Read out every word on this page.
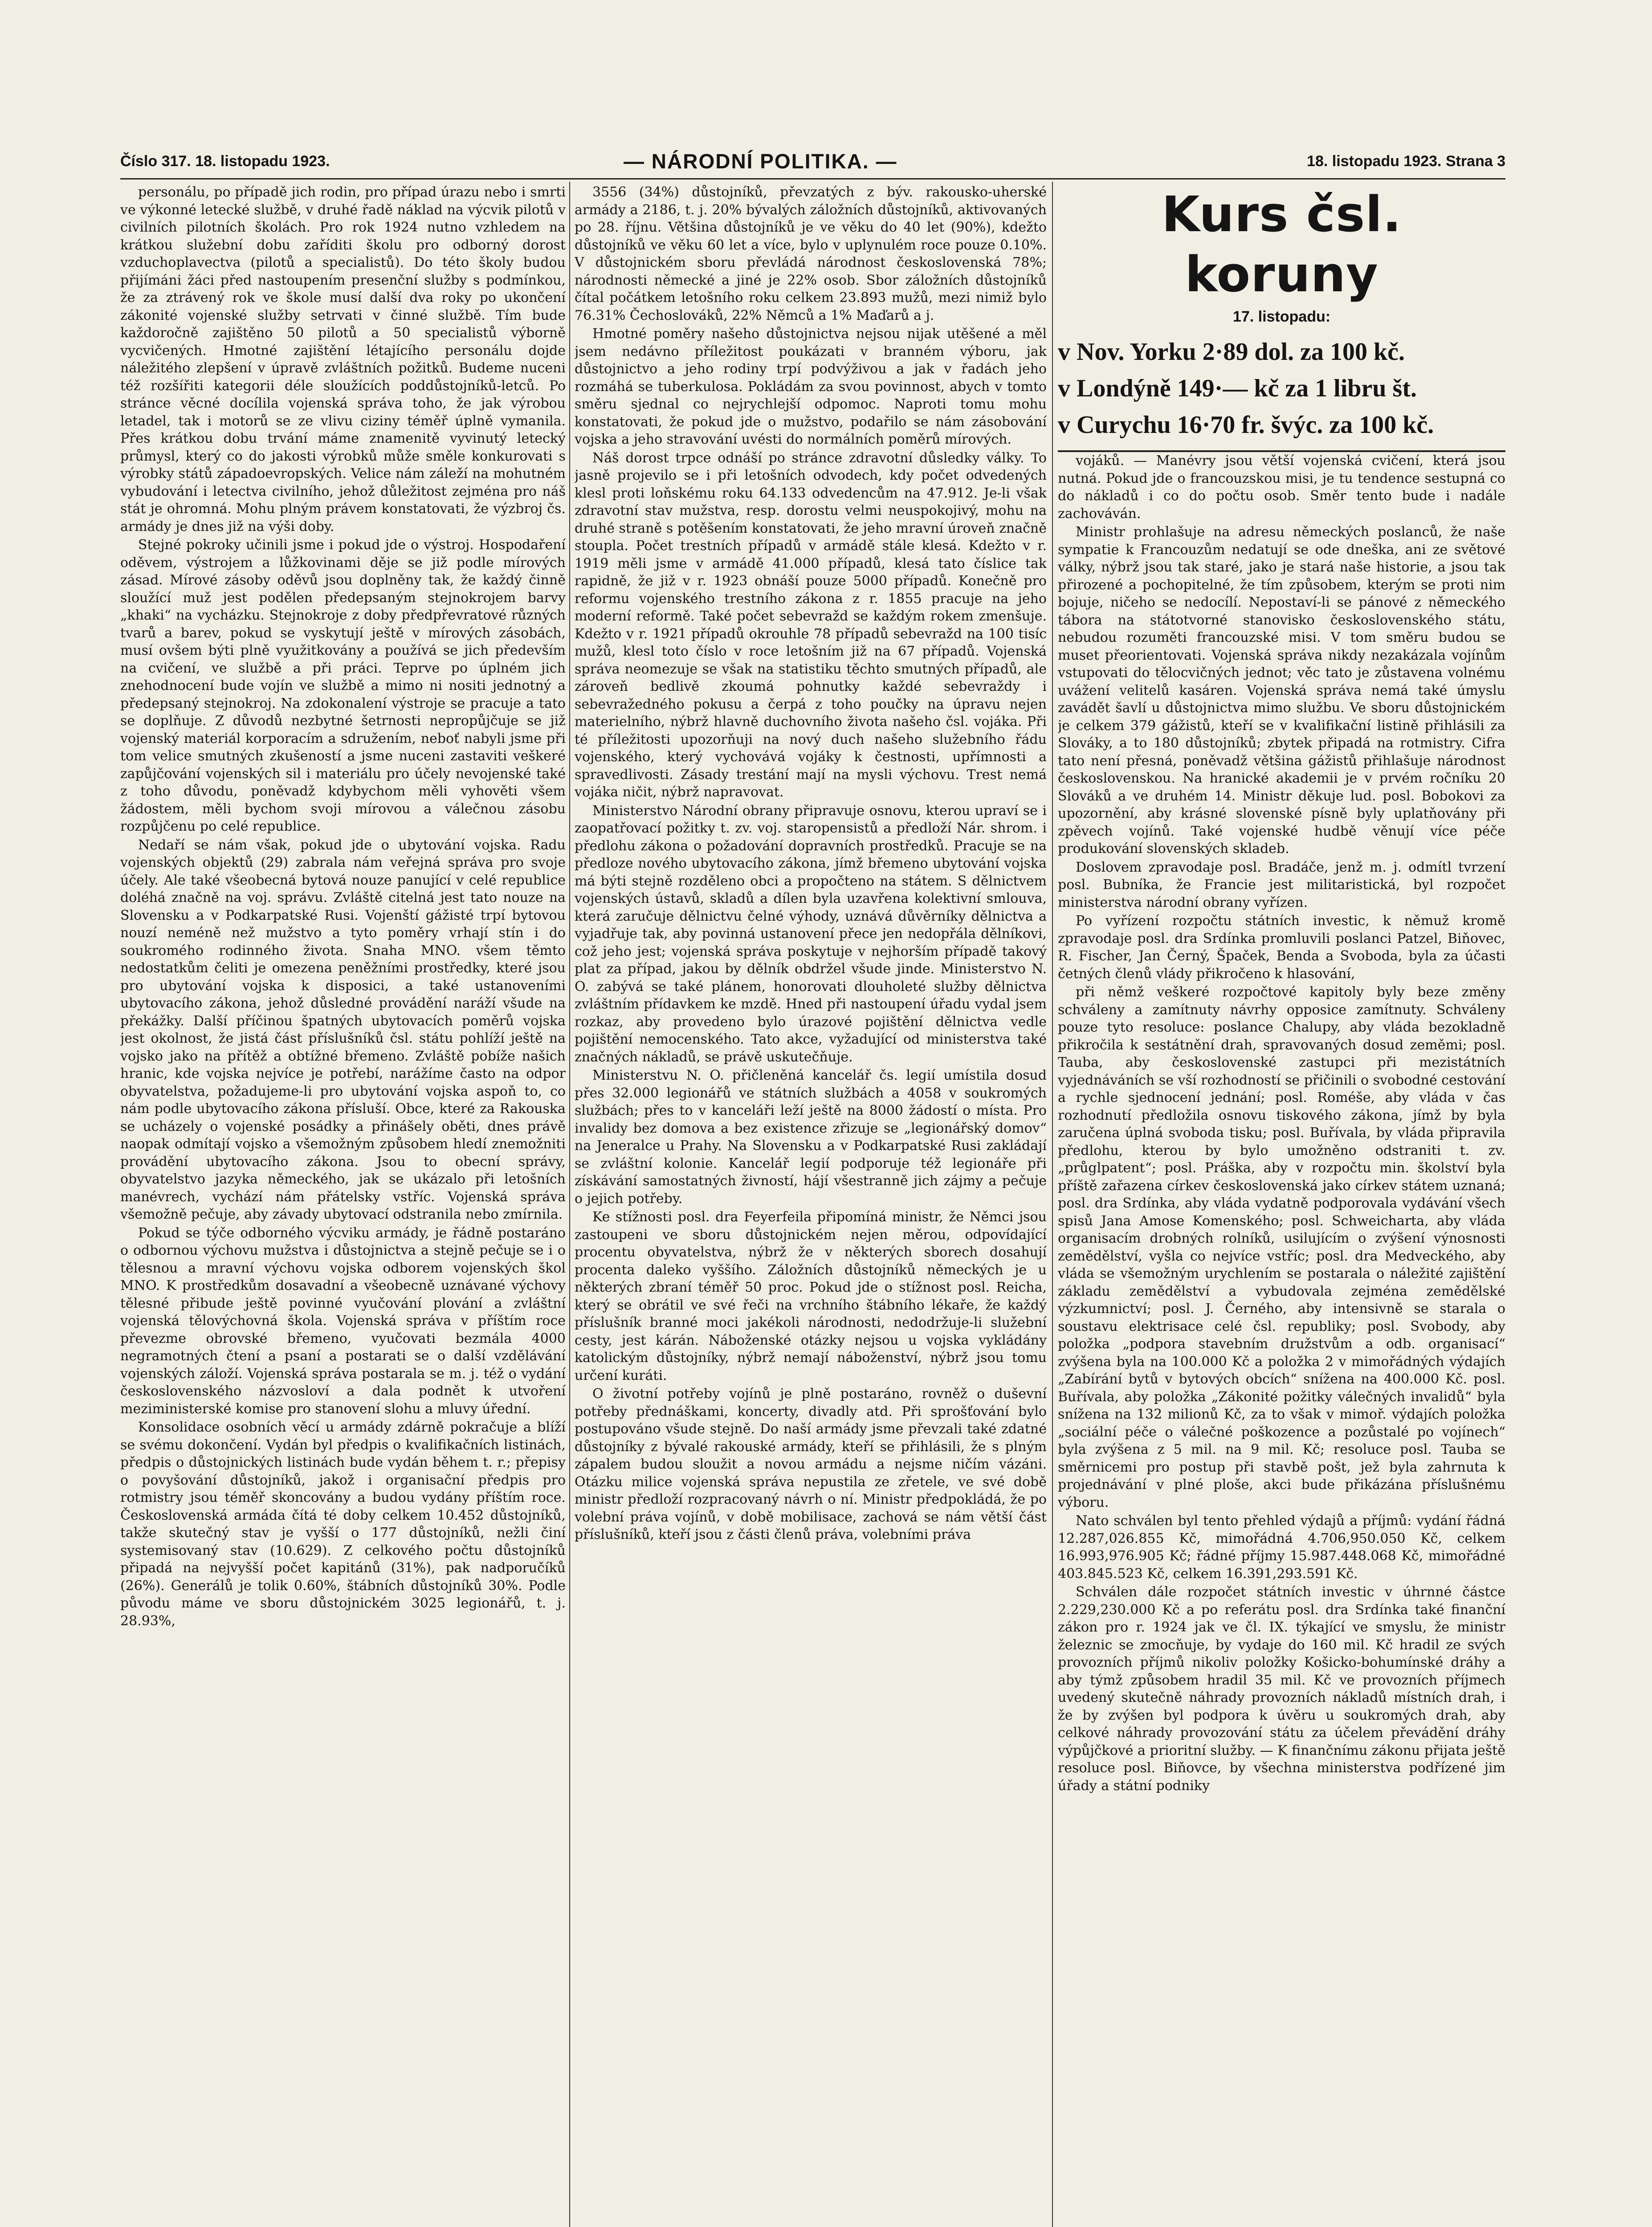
Číslo 317. 18. listopadu 1923.	— NÁRODNÍ POLITIKA. —	18. listopadu 1923. Strana 3

personálu, po případě jich rodin, pro případ úrazu nebo i smrti ve výkonné letecké službě, v druhé řadě náklad na výcvik pilotů v civilních pilotních školách. Pro rok 1924 nutno vzhledem na krátkou služební dobu zaříditi školu pro odborný dorost vzduchoplavectva (pilotů a specialistů). Do této školy budou přijímáni žáci před nastoupením presenční služby s podmínkou, že za ztrávený rok ve škole musí další dva roky po ukončení zákonité vojenské služby setrvati v činné službě. Tím bude každoročně zajištěno 50 pilotů a 50 specialistů výborně vycvičených. Hmotné zajištění létajícího personálu dojde náležitého zlepšení v úpravě zvláštních požitků. Budeme nuceni též rozšířiti kategorii déle sloužících poddůstojníků-letců. Po stránce věcné docílila vojenská správa toho, že jak výrobou letadel, tak i motorů se ze vlivu ciziny téměř úplně vymanila. Přes krátkou dobu trvání máme znamenitě vyvinutý letecký průmysl, který co do jakosti výrobků může směle konkurovati s výrobky států západoevropských. Velice nám záleží na mohutném vybudování i letectva civilního, jehož důležitost zejména pro náš stát je ohromná. Mohu plným právem konstatovati, že výzbroj čs. armády je dnes již na výši doby.

Stejné pokroky učinili jsme i pokud jde o výstroj. Hospodaření oděvem, výstrojem a lůžkovinami děje se již podle mírových zásad. Mírové zásoby oděvů jsou doplněny tak, že každý činně sloužící muž jest podělen předepsaným stejnokrojem barvy „khaki“ na vycházku. Stejnokroje z doby předpřevratové různých tvarů a barev, pokud se vyskytují ještě v mírových zásobách, musí ovšem býti plně využitkovány a používá se jich především na cvičení, ve službě a při práci. Teprve po úplném jich znehodnocení bude vojín ve službě a mimo ni nositi jednotný a předepsaný stejnokroj. Na zdokonalení výstroje se pracuje a tato se doplňuje. Z důvodů nezbytné šetrnosti nepropůjčuje se již vojenský materiál korporacím a sdružením, neboť nabyli jsme při tom velice smutných zkušeností a jsme nuceni zastaviti veškeré zapůjčování vojenských sil i materiálu pro účely nevojenské také z toho důvodu, poněvadž kdybychom měli vyhověti všem žádostem, měli bychom svoji mírovou a válečnou zásobu rozpůjčenu po celé republice.

Nedaří se nám však, pokud jde o ubytování vojska. Radu vojenských objektů (29) zabrala nám veřejná správa pro svoje účely. Ale také všeobecná bytová nouze panující v celé republice doléhá značně na voj. správu. Zvláště citelná jest tato nouze na Slovensku a v Podkarpatské Rusi. Vojenští gážisté trpí bytovou nouzí neméně než mužstvo a tyto poměry vrhají stín i do soukromého rodinného života. Snaha MNO. všem těmto nedostatkům čeliti je omezena peněžními prostředky, které jsou pro ubytování vojska k disposici, a také ustanoveními ubytovacího zákona, jehož důsledné provádění naráží všude na překážky. Další příčinou špatných ubytovacích poměrů vojska jest okolnost, že jistá část příslušníků čsl. státu pohlíží ještě na vojsko jako na přítěž a obtížné břemeno. Zvláště pobíže našich hranic, kde vojska nejvíce je potřebí, narážíme často na odpor obyvatelstva, požadujeme-li pro ubytování vojska aspoň to, co nám podle ubytovacího zákona přísluší. Obce, které za Rakouska se ucházely o vojenské posádky a přinášely oběti, dnes právě naopak odmítají vojsko a všemožným způsobem hledí znemožniti provádění ubytovacího zákona. Jsou to obecní správy, obyvatelstvo jazyka německého, jak se ukázalo při letošních manévrech, vychází nám přátelsky vstříc. Vojenská správa všemožně pečuje, aby závady ubytovací odstranila nebo zmírnila.

Pokud se týče odborného výcviku armády, je řádně postaráno o odbornou výchovu mužstva i důstojnictva a stejně pečuje se i o tělesnou a mravní výchovu vojska odborem vojenských škol MNO. K prostředkům dosavadní a všeobecně uznávané výchovy tělesné přibude ještě povinné vyučování plování a zvláštní vojenská tělovýchovná škola. Vojenská správa v příštím roce převezme obrovské břemeno, vyučovati bezmála 4000 negramotných čtení a psaní a postarati se o další vzdělávání vojenských záloží. Vojenská správa postarala se m. j. též o vydání československého názvosloví a dala podnět k utvoření meziministerské komise pro stanovení slohu a mluvy úřední.

Konsolidace osobních věcí u armády zdárně pokračuje a blíží se svému dokončení. Vydán byl předpis o kvalifikačních listinách, předpis o důstojnických listinách bude vydán během t. r.; přepisy o povyšování důstojníků, jakož i organisační předpis pro rotmistry jsou téměř skoncovány a budou vydány příštím roce. Československá armáda čítá té doby celkem 10.452 důstojníků, takže skutečný stav je vyšší o 177 důstojníků, nežli činí systemisovaný stav (10.629). Z celkového počtu důstojníků připadá na nejvyšší počet kapitánů (31%), pak nadporučíků (26%). Generálů je tolik 0.60%, štábních důstojníků 30%. Podle původu máme ve sboru důstojnickém 3025 legionářů, t. j. 28.93%,

3556 (34%) důstojníků, převzatých z býv. rakousko-uherské armády a 2186, t. j. 20% bývalých záložních důstojníků, aktivovaných po 28. říjnu. Většina důstojníků je ve věku do 40 let (90%), kdežto důstojníků ve věku 60 let a více, bylo v uplynulém roce pouze 0.10%. V důstojnickém sboru převládá národnost československá 78%; národnosti německé a jiné je 22% osob. Sbor záložních důstojníků čítal počátkem letošního roku celkem 23.893 mužů, mezi nimiž bylo 76.31% Čechoslováků, 22% Němců a 1% Maďarů a j.

Hmotné poměry našeho důstojnictva nejsou nijak utěšené a měl jsem nedávno příležitost poukázati v branném výboru, jak důstojnictvo a jeho rodiny trpí podvýživou a jak v řadách jeho rozmáhá se tuberkulosa. Pokládám za svou povinnost, abych v tomto směru sjednal co nejrychlejší odpomoc. Naproti tomu mohu konstatovati, že pokud jde o mužstvo, podařilo se nám zásobování vojska a jeho stravování uvésti do normálních poměrů mírových.

Náš dorost trpce odnáší po stránce zdravotní důsledky války. To jasně projevilo se i při letošních odvodech, kdy počet odvedených klesl proti loňskému roku 64.133 odvedencům na 47.912. Je-li však zdravotní stav mužstva, resp. dorostu velmi neuspokojivý, mohu na druhé straně s potěšením konstatovati, že jeho mravní úroveň značně stoupla. Počet trestních případů v armádě stále klesá. Kdežto v r. 1919 měli jsme v armádě 41.000 případů, klesá tato číslice tak rapidně, že již v r. 1923 obnáší pouze 5000 případů. Konečně pro reformu vojenského trestního zákona z r. 1855 pracuje na jeho moderní reformě. Také počet sebevražd se každým rokem zmenšuje. Kdežto v r. 1921 případů okrouhle 78 případů sebevražd na 100 tisíc mužů, klesl toto číslo v roce letošním již na 67 případů. Vojenská správa neomezuje se však na statistiku těchto smutných případů, ale zároveň bedlivě zkoumá pohnutky každé sebevraždy i sebevražedného pokusu a čerpá z toho poučky na úpravu nejen materielního, nýbrž hlavně duchovního života našeho čsl. vojáka. Při té příležitosti upozorňuji na nový duch našeho služebního řádu vojenského, který vychovává vojáky k čestnosti, upřímnosti a spravedlivosti. Zásady trestání mají na mysli výchovu. Trest nemá vojáka ničit, nýbrž napravovat.

Ministerstvo Národní obrany připravuje osnovu, kterou upraví se i zaopatřovací požitky t. zv. voj. staropensistů a předloží Nár. shrom. i předlohu zákona o požadování dopravních prostředků. Pracuje se na předloze nového ubytovacího zákona, jímž břemeno ubytování vojska má býti stejně rozděleno obci a propočteno na státem. S dělnictvem vojenských ústavů, skladů a dílen byla uzavřena kolektivní smlouva, která zaručuje dělnictvu čelné výhody, uznává důvěrníky dělnictva a vyjadřuje tak, aby povinná ustanovení přece jen nedopřála dělníkovi, což jeho jest; vojenská správa poskytuje v nejhorším případě takový plat za případ, jakou by dělník obdržel všude jinde. Ministerstvo N. O. zabývá se také plánem, honorovati dlouholeté služby dělnictva zvláštním přídavkem ke mzdě. Hned při nastoupení úřadu vydal jsem rozkaz, aby provedeno bylo úrazové pojištění dělnictva vedle pojištění nemocenského. Tato akce, vyžadující od ministerstva také značných nákladů, se právě uskutečňuje.

Ministerstvu N. O. přičleněná kancelář čs. legií umístila dosud přes 32.000 legionářů ve státních službách a 4058 v soukromých službách; přes to v kanceláři leží ještě na 8000 žádostí o místa. Pro invalidy bez domova a bez existence zřizuje se „legionářský domov“ na Jeneralce u Prahy. Na Slovensku a v Podkarpatské Rusi zakládají se zvláštní kolonie. Kancelář legií podporuje též legionáře při získávání samostatných živností, hájí všestranně jich zájmy a pečuje o jejich potřeby.

Ke stížnosti posl. dra Feyerfeila připomíná ministr, že Němci jsou zastoupeni ve sboru důstojnickém nejen měrou, odpovídající procentu obyvatelstva, nýbrž že v některých sborech dosahují procenta daleko vyššího. Záložních důstojníků německých je u některých zbraní téměř 50 proc. Pokud jde o stížnost posl. Reicha, který se obrátil ve své řeči na vrchního štábního lékaře, že každý příslušník branné moci jakékoli národnosti, nedodržuje-li služební cesty, jest kárán. Náboženské otázky nejsou u vojska vykládány katolickým důstojníky, nýbrž nemají náboženství, nýbrž jsou tomu určení kuráti.

O životní potřeby vojínů je plně postaráno, rovněž o duševní potřeby přednáškami, koncerty, divadly atd. Při sprošťování bylo postupováno všude stejně. Do naší armády jsme převzali také zdatné důstojníky z bývalé rakouské armády, kteří se přihlásili, že s plným zápalem budou sloužit a novou armádu a nejsme ničím vázáni. Otázku milice vojenská správa nepustila ze zřetele, ve své době ministr předloží rozpracovaný návrh o ní. Ministr předpokládá, že po volební práva vojínů, v době mobilisace, zachová se nám větší část příslušníků, kteří jsou z části členů práva, volebními práva

Kurs čsl. koruny
17. listopadu:
v Nov. Yorku 2·89 dol. za 100 kč.
v Londýně 149·— kč za 1 libru št.
v Curychu 16·70 fr. švýc. za 100 kč.

vojáků. — Manévry jsou větší vojenská cvičení, která jsou nutná. Pokud jde o francouzskou misi, je tu tendence sestupná co do nákladů i co do počtu osob. Směr tento bude i nadále zachováván.

Ministr prohlašuje na adresu německých poslanců, že naše sympatie k Francouzům nedatují se ode dneška, ani ze světové války, nýbrž jsou tak staré, jako je stará naše historie, a jsou tak přirozené a pochopitelné, že tím způsobem, kterým se proti nim bojuje, ničeho se nedocílí. Nepostaví-li se pánové z německého tábora na státotvorné stanovisko československého státu, nebudou rozuměti francouzské misi. V tom směru budou se muset přeorientovati. Vojenská správa nikdy nezakázala vojínům vstupovati do tělocvičných jednot; věc tato je zůstavena volnému uvážení velitelů kasáren. Vojenská správa nemá také úmyslu zavádět šavlí u důstojnictva mimo službu. Ve sboru důstojnickém je celkem 379 gážistů, kteří se v kvalifikační listině přihlásili za Slováky, a to 180 důstojníků; zbytek připadá na rotmistry. Cifra tato není přesná, poněvadž většina gážistů přihlašuje národnost československou. Na hranické akademii je v prvém ročníku 20 Slováků a ve druhém 14. Ministr děkuje lud. posl. Bobokovi za upozornění, aby krásné slovenské písně byly uplatňovány při zpěvech vojínů. Také vojenské hudbě věnují více péče produkování slovenských skladeb.

Doslovem zpravodaje posl. Bradáče, jenž m. j. odmítl tvrzení posl. Bubníka, že Francie jest militaristická, byl rozpočet ministerstva národní obrany vyřízen.

Po vyřízení rozpočtu státních investic, k němuž kromě zpravodaje posl. dra Srdínka promluvili poslanci Patzel, Biňovec, R. Fischer, Jan Černý, Špaček, Benda a Svoboda, byla za účasti četných členů vlády přikročeno k hlasování,

při němž veškeré rozpočtové kapitoly byly beze změny schváleny a zamítnuty návrhy opposice zamítnuty. Schváleny pouze tyto resoluce: poslance Chalupy, aby vláda bezokladně přikročila k sestátnění drah, spravovaných dosud zeměmi; posl. Tauba, aby československé zastupci při mezistátních vyjednáváních se vší rozhodností se přičinili o svobodné cestování a rychle sjednocení jednání; posl. Roméše, aby vláda v čas rozhodnutí předložila osnovu tiskového zákona, jímž by byla zaručena úplná svoboda tisku; posl. Buřívala, by vláda připravila předlohu, kterou by bylo umožněno odstraniti t. zv. „průglpatent“; posl. Práška, aby v rozpočtu min. školství byla příště zařazena církev československá jako církev státem uznaná; posl. dra Srdínka, aby vláda vydatně podporovala vydávání všech spisů Jana Amose Komenského; posl. Schweicharta, aby vláda organisacím drobných rolníků, usilujícím o zvýšení výnosnosti zemědělství, vyšla co nejvíce vstříc; posl. dra Medveckého, aby vláda se všemožným urychlením se postarala o náležité zajištění základu zemědělství a vybudovala zejména zemědělské výzkumnictví; posl. J. Černého, aby intensivně se starala o soustavu elektrisace celé čsl. republiky; posl. Svobody, aby položka „podpora stavebním družstvům a odb. organisací“ zvýšena byla na 100.000 Kč a položka 2 v mimořádných výdajích „Zabírání bytů v bytových obcích“ snížena na 400.000 Kč. posl. Buřívala, aby položka „Zákonité požitky válečných invalidů“ byla snížena na 132 milionů Kč, za to však v mimoř. výdajích položka „sociální péče o válečné poškozence a pozůstalé po vojínech“ byla zvýšena z 5 mil. na 9 mil. Kč; resoluce posl. Tauba se směrnicemi pro postup při stavbě pošt, jež byla zahrnuta k projednávání v plné ploše, akci bude přikázána příslušnému výboru.

Nato schválen byl tento přehled výdajů a příjmů: vydání řádná 12.287,026.855 Kč, mimořádná 4.706,950.050 Kč, celkem 16.993,976.905 Kč; řádné příjmy 15.987.448.068 Kč, mimořádné 403.845.523 Kč, celkem 16.391,293.591 Kč.

Schválen dále rozpočet státních investic v úhrnné částce 2.229,230.000 Kč a po referátu posl. dra Srdínka také finanční zákon pro r. 1924 jak ve čl. IX. týkající ve smyslu, že ministr železnic se zmocňuje, by vydaje do 160 mil. Kč hradil ze svých provozních příjmů nikoliv položky Košicko-bohumínské dráhy a aby týmž způsobem hradil 35 mil. Kč ve provozních příjmech uvedený skutečně náhrady provozních nákladů místních drah, i že by zvýšen byl podpora k úvěru u soukromých drah, aby celkové náhrady provozování státu za účelem převádění dráhy výpůjčkové a prioritní služby. — K finančnímu zákonu přijata ještě resoluce posl. Biňovce, by všechna ministerstva podřízené jim úřady a státní podniky
